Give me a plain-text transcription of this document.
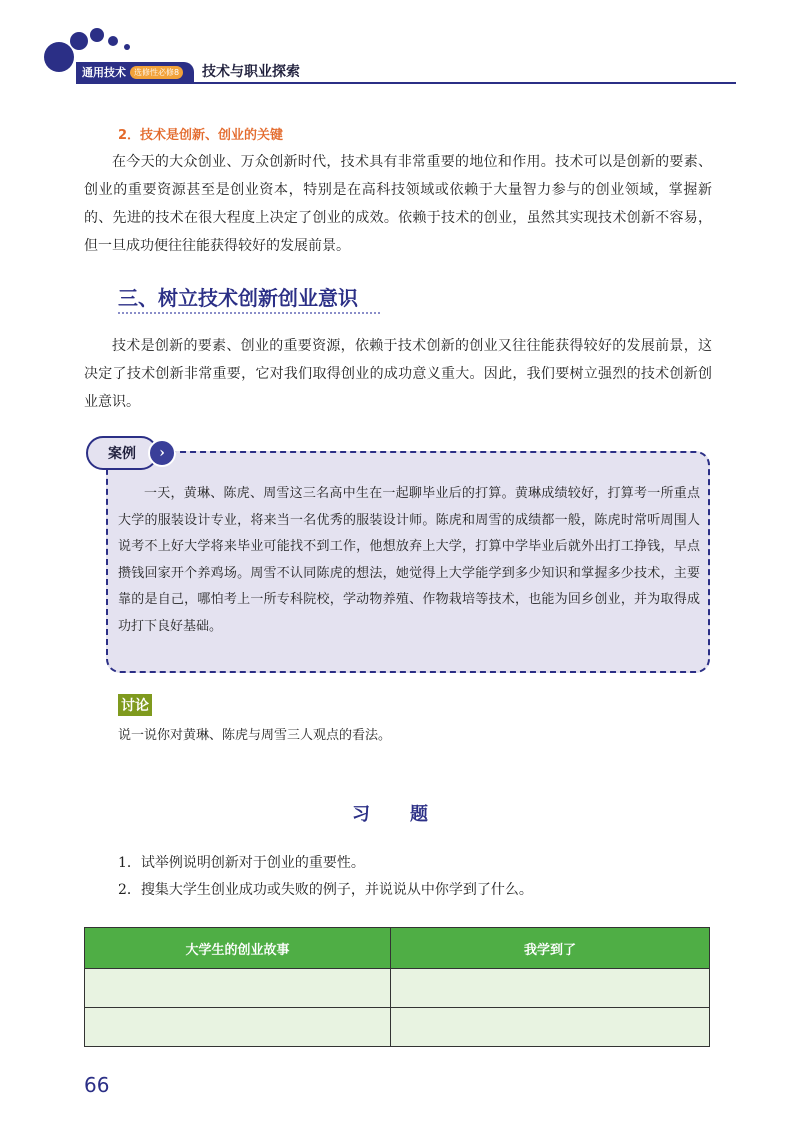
通用技术	选修性必修8 技术与职业探索
2．技术是创新、创业的关键

在今天的大众创业、万众创新时代，技术具有非常重要的地位和作用。技术可以是创新的要素、创业的重要资源甚至是创业资本，特别是在高科技领域或依赖于大量智力参与的创业领域，掌握新的、先进的技术在很大程度上决定了创业的成效。依赖于技术的创业，虽然其实现技术创新不容易，但一旦成功便往往能获得较好的发展前景。

三、树立技术创新创业意识

技术是创新的要素、创业的重要资源，依赖于技术创新的创业又往往能获得较好的发展前景，这决定了技术创新非常重要，它对我们取得创业的成功意义重大。因此，我们要树立强烈的技术创新创业意识。

案例	›

一天，黄琳、陈虎、周雪这三名高中生在一起聊毕业后的打算。黄琳成绩较好，打算考一所重点大学的服装设计专业，将来当一名优秀的服装设计师。陈虎和周雪的成绩都一般，陈虎时常听周围人说考不上好大学将来毕业可能找不到工作，他想放弃上大学，打算中学毕业后就外出打工挣钱，早点攒钱回家开个养鸡场。周雪不认同陈虎的想法，她觉得上大学能学到多少知识和掌握多少技术，主要靠的是自己，哪怕考上一所专科院校，学动物养殖、作物栽培等技术，也能为回乡创业，并为取得成功打下良好基础。

讨论
说一说你对黄琳、陈虎与周雪三人观点的看法。
习题
1．试举例说明创新对于创业的重要性。
2．搜集大学生创业成功或失败的例子，并说说从中你学到了什么。
大学生的创业故事	我学到了

66
